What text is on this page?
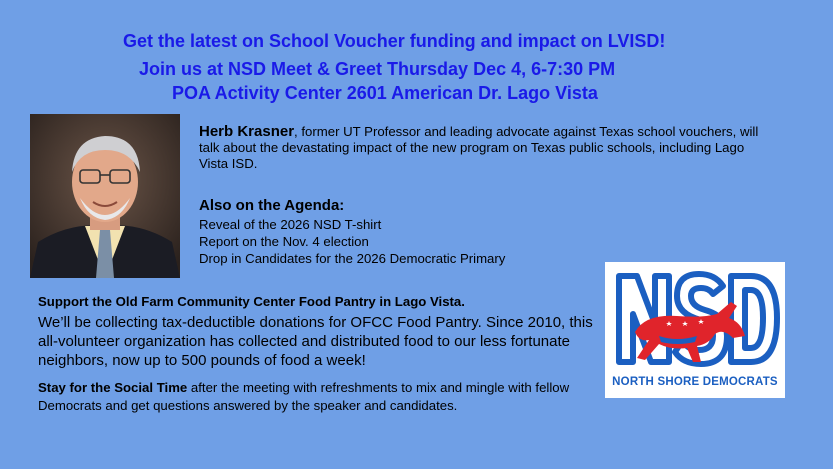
Get the latest on School Voucher funding and impact on LVISD!
Join us at NSD Meet & Greet Thursday Dec 4, 6-7:30 PM
POA Activity Center 2601 American Dr. Lago Vista
Herb Krasner, former UT Professor and leading advocate against Texas school vouchers, will talk about the devastating impact of the new program on Texas public schools, including Lago Vista ISD.
Also on the Agenda:
Reveal of the 2026 NSD T-shirt
Report on the Nov. 4 election
Drop in Candidates for the 2026 Democratic Primary
Support the Old Farm Community Center Food Pantry in Lago Vista.
We’ll be collecting tax-deductible donations for OFCC Food Pantry. Since 2010, this all-volunteer organization has collected and distributed food to our less fortunate neighbors, now up to 500 pounds of food a week!
Stay for the Social Time after the meeting with refreshments to mix and mingle with fellow Democrats and get questions answered by the speaker and candidates.
NORTH SHORE DEMOCRATS
